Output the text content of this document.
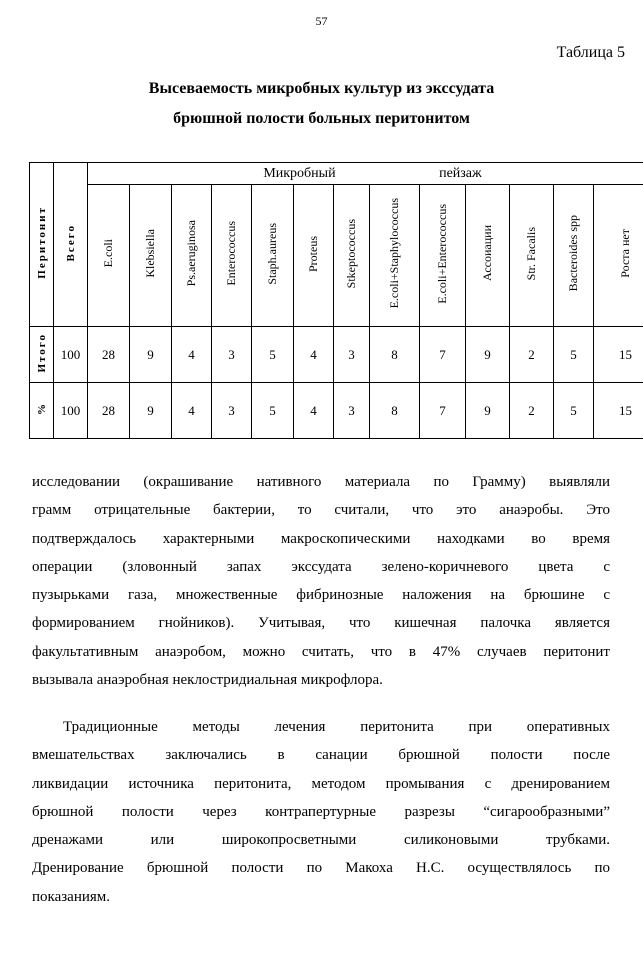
57
Таблица 5
Высеваемость микробных культур из экссудата
брюшной полости больных перитонитом
Перитонит	Всего	Микробный пейзаж												
		E.coli	Klebsiella	Ps.aeruginosa	Enterococcus	Staph.aureus	Proteus	Stkeptococcus	E.coli+Staphylococcus	E.coli+Enterococcus	Ассоиации	Str. Facalis	Bacteroides spp	Роста нет
Итого	100	28	9	4	3	5	4	3	8	7	9	2	5	15
%	100	28	9	4	3	5	4	3	8	7	9	2	5	15

исследовании (окрашивание нативного материала по Грамму) выявляли

грамм отрицательные бактерии, то считали, что это анаэробы. Это

подтверждалось характерными макроскопическими находками во время

операции (зловонный запах экссудата зелено-коричневого цвета с

пузырьками газа, множественные фибринозные наложения на брюшине с

формированием гнойников). Учитывая, что кишечная палочка является

факультативным анаэробом, можно считать, что в 47% случаев перитонит

вызывала анаэробная неклостридиальная микрофлора.

Традиционные методы лечения перитонита при оперативных

вмешательствах заключались в санации брюшной полости после

ликвидации источника перитонита, методом промывания с дренированием

брюшной полости через контрапертурные разрезы “сигарообразными”

дренажами или широкопросветными силиконовыми трубками.

Дренирование брюшной полости по Макоха Н.С. осуществлялось по

показаниям.
